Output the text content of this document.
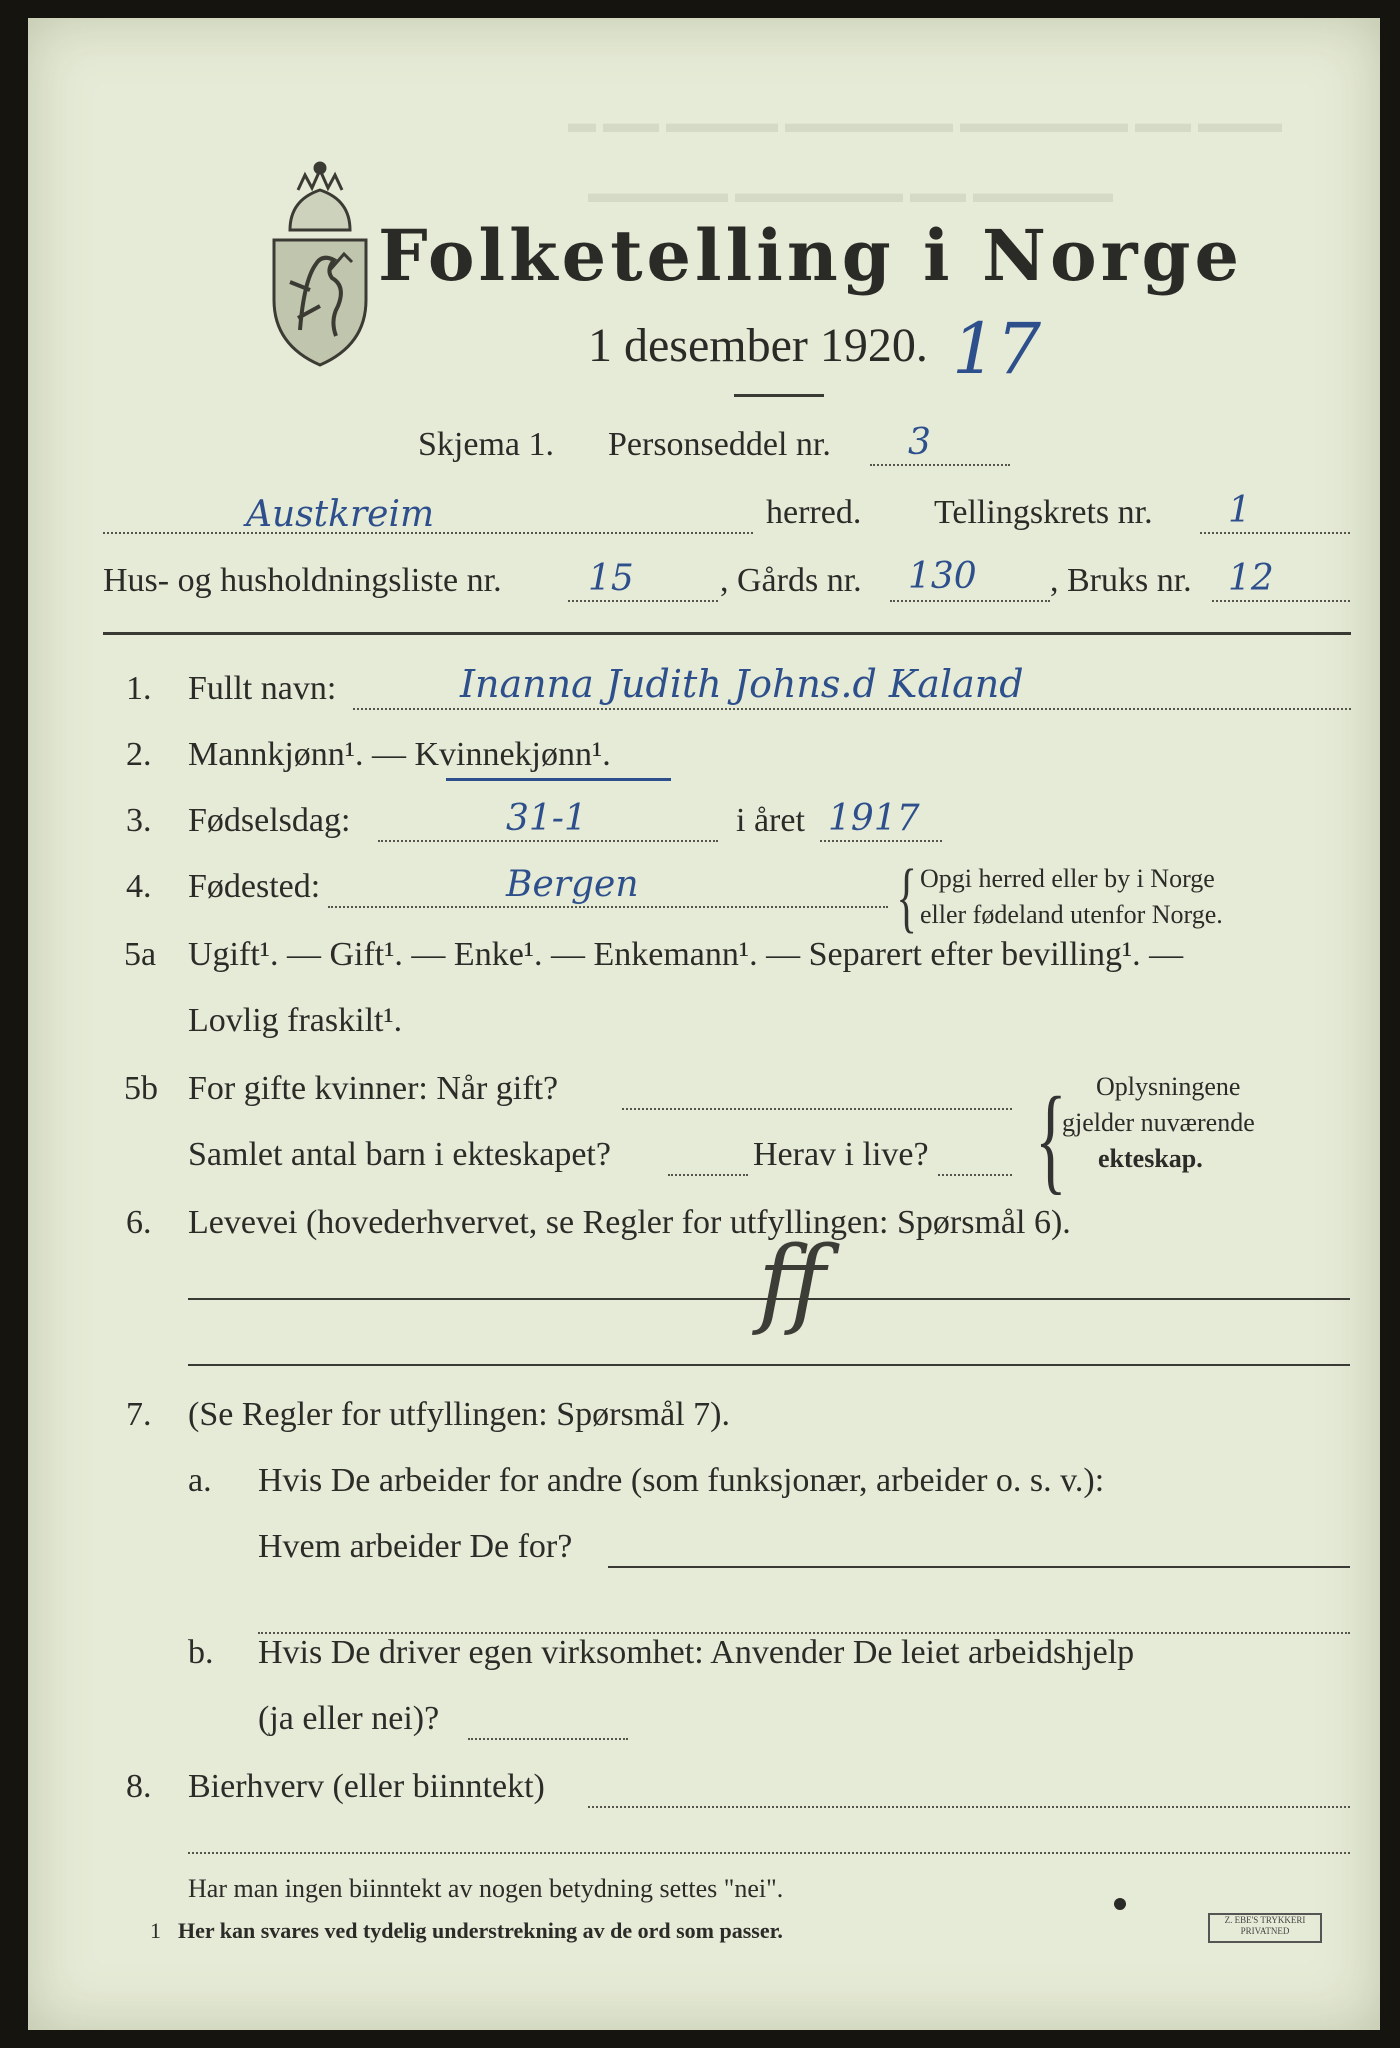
▬ ▬▬ ▬▬▬▬ ▬▬▬▬▬▬ ▬▬▬▬▬▬ ▬▬ ▬▬▬
▬▬▬▬▬ ▬▬▬▬▬▬ ▬▬ ▬▬▬▬▬
Folketelling i Norge
1 desember 1920. 17
Skjema 1. Personseddel nr. 3
Austkreim	herred. Tellingskrets nr. 1
Hus- og husholdningsliste nr. 15	, Gårds nr. 130 , Bruks nr. 12
1. Fullt navn:	Inanna Judith Johns.d Kaland
2. Mannkjønn¹. — Kvinnekjønn¹.
3. Fødselsdag:	31-1	i året 1917
4. Fødested:	Bergen	{ Opgi herred eller by i Norge
eller fødeland utenfor Norge.
5a Ugift¹. — Gift¹. — Enke¹. — Enkemann¹. — Separert efter bevilling¹. —
Lovlig fraskilt¹.
5b For gifte kvinner: Når gift?
Samlet antal barn i ekteskapet?	Herav i live? { Oplysningene
gjelder nuværende
ekteskap.
6. Levevei (hovederhvervet, se Regler for utfyllingen: Spørsmål 6).
ff
7. (Se Regler for utfyllingen: Spørsmål 7).
a. Hvis De arbeider for andre (som funksjonær, arbeider o. s. v.):
Hvem arbeider De for?
b. Hvis De driver egen virksomhet: Anvender De leiet arbeidshjelp
(ja eller nei)?
8. Bierhverv (eller biinntekt)
Har man ingen biinntekt av nogen betydning settes "nei".
1 Her kan svares ved tydelig understrekning av de ord som passer.	Z. EBE'S TRYKKERI PRIVATNED
